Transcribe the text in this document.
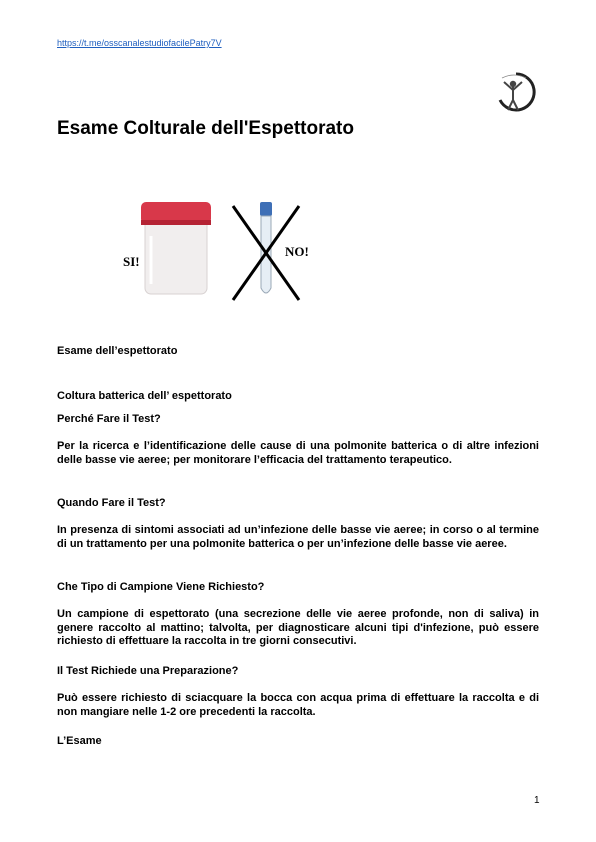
https://t.me/osscanalestudiofacilePatry7V
Esame Colturale dell'Espettorato
SI!
NO!

Esame dell’espettorato

Coltura batterica dell’ espettorato

Perché Fare il Test?

Per la ricerca e l’identificazione delle cause di una polmonite batterica o di altre infezioni delle basse vie aeree; per monitorare l’efficacia del trattamento terapeutico.

Quando Fare il Test?

In presenza di sintomi associati ad un’infezione delle basse vie aeree; in corso o al termine di un trattamento per una polmonite batterica o per un’infezione delle basse vie aeree.

Che Tipo di Campione Viene Richiesto?

Un campione di espettorato (una secrezione delle vie aeree profonde, non di saliva) in genere raccolto al mattino; talvolta, per diagnosticare alcuni tipi d'infezione, può essere richiesto di effettuare la raccolta in tre giorni consecutivi.

Il Test Richiede una Preparazione?

Può essere richiesto di sciacquare la bocca con acqua prima di effettuare la raccolta e di non mangiare nelle 1-2 ore precedenti la raccolta.

L’Esame

1
